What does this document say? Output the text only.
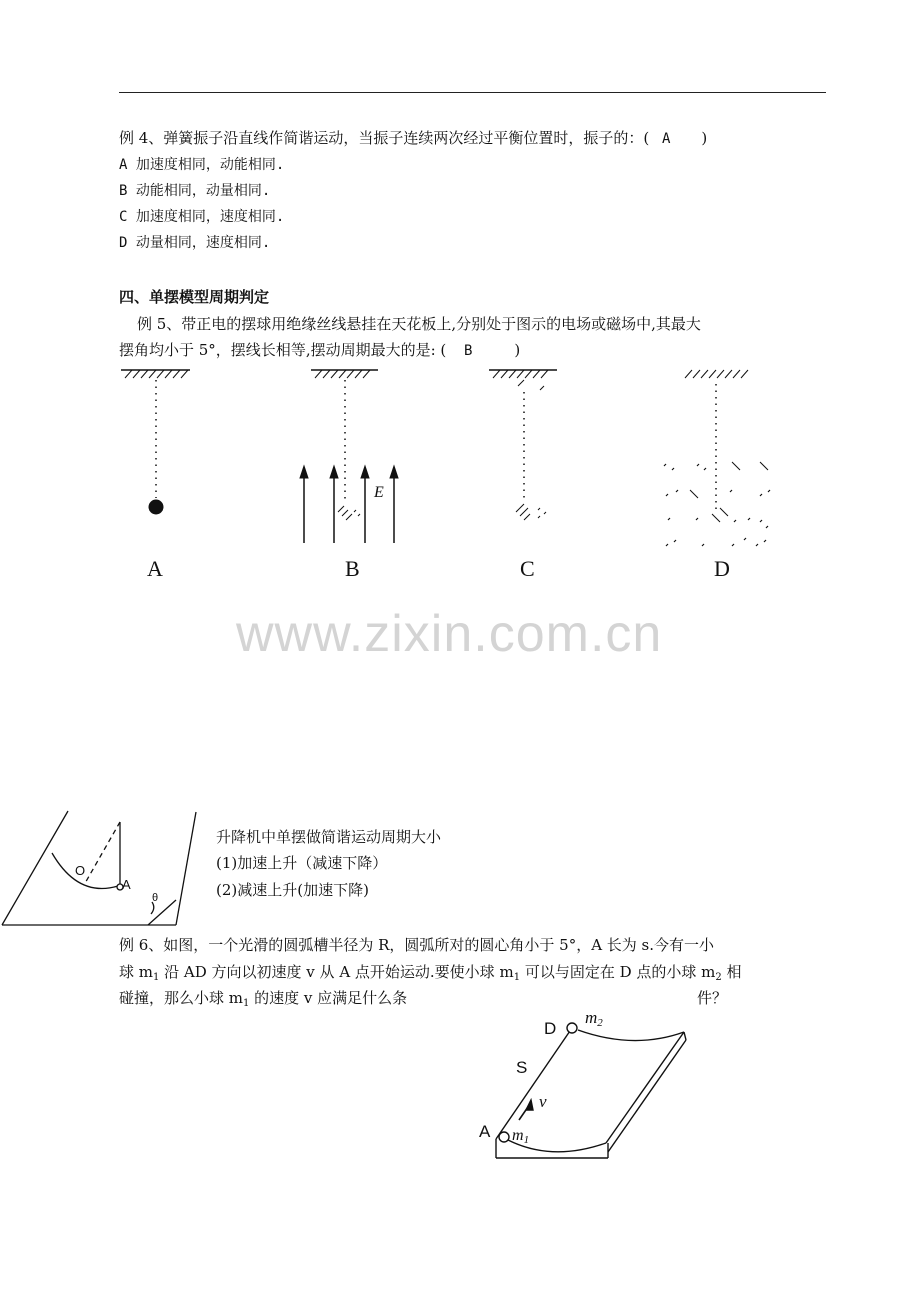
例 4、弹簧振子沿直线作简谐运动，当振子连续两次经过平衡位置时，振子的：( A )
A 加速度相同，动能相同.
B 动能相同，动量相同.
C 加速度相同，速度相同.
D 动量相同，速度相同.
四、单摆模型周期判定
例 5、带正电的摆球用绝缘丝线悬挂在天花板上,分别处于图示的电场或磁场中,其最大
摆角均小于 5°，摆线长相等,摆动周期最大的是: ( B	)
E
A	B	C	D
www.zixin.com.cn
O
A
θ
升降机中单摆做简谐运动周期大小
(1)加速上升（减速下降）
(2)减速上升(加速下降)
例 6、如图，一个光滑的圆弧槽半径为 R，圆弧所对的圆心角小于 5°，A 长为 s.今有一小
球 $m_1$ 沿 AD 方向以初速度 v 从 A 点开始运动.要使小球 $m_1$ 可以与固定在 D 点的小球 $m_2$ 相
碰撞，那么小球 $m_1$ 的速度 v 应满足什么条	件？
D
m2
S
v
A m1
